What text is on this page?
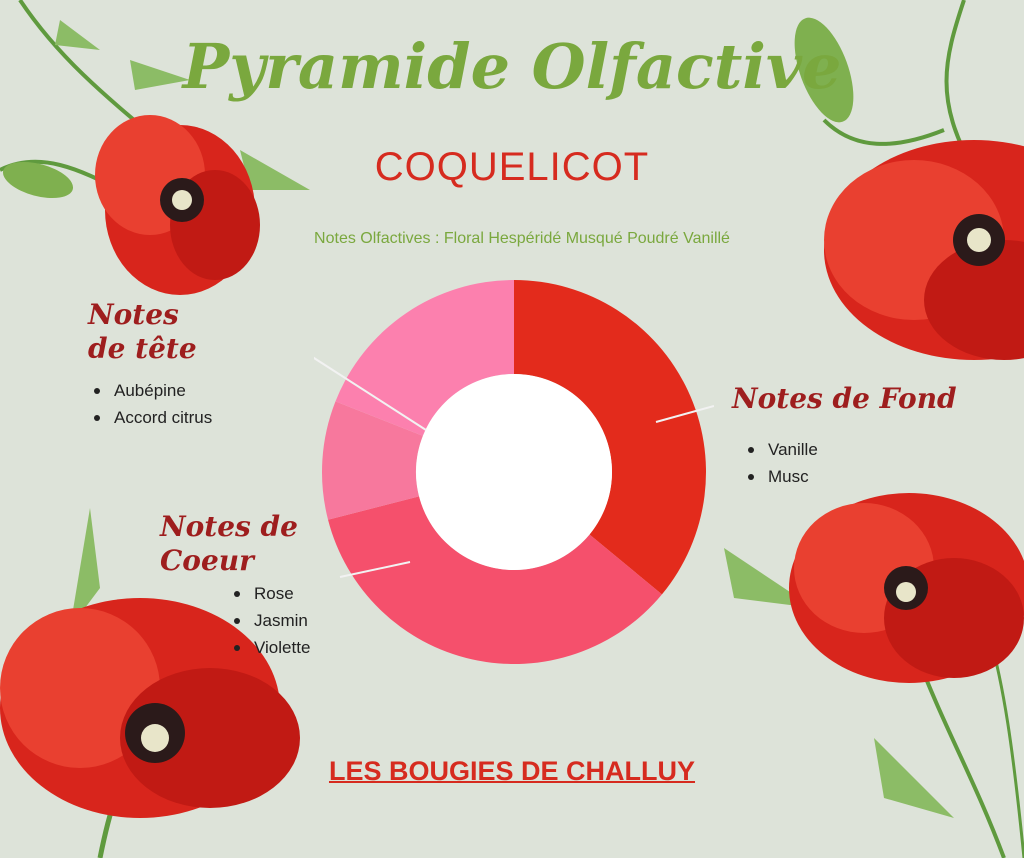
Pyramide Olfactive
COQUELICOT
Notes Olfactives : Floral Hespéridé Musqué Poudré Vanillé
Notes
de tête
Aubépine
Accord citrus
Notes de Fond
Vanille
Musc
Notes de
Coeur
Rose
Jasmin
Violette
LES BOUGIES DE CHALLUY
